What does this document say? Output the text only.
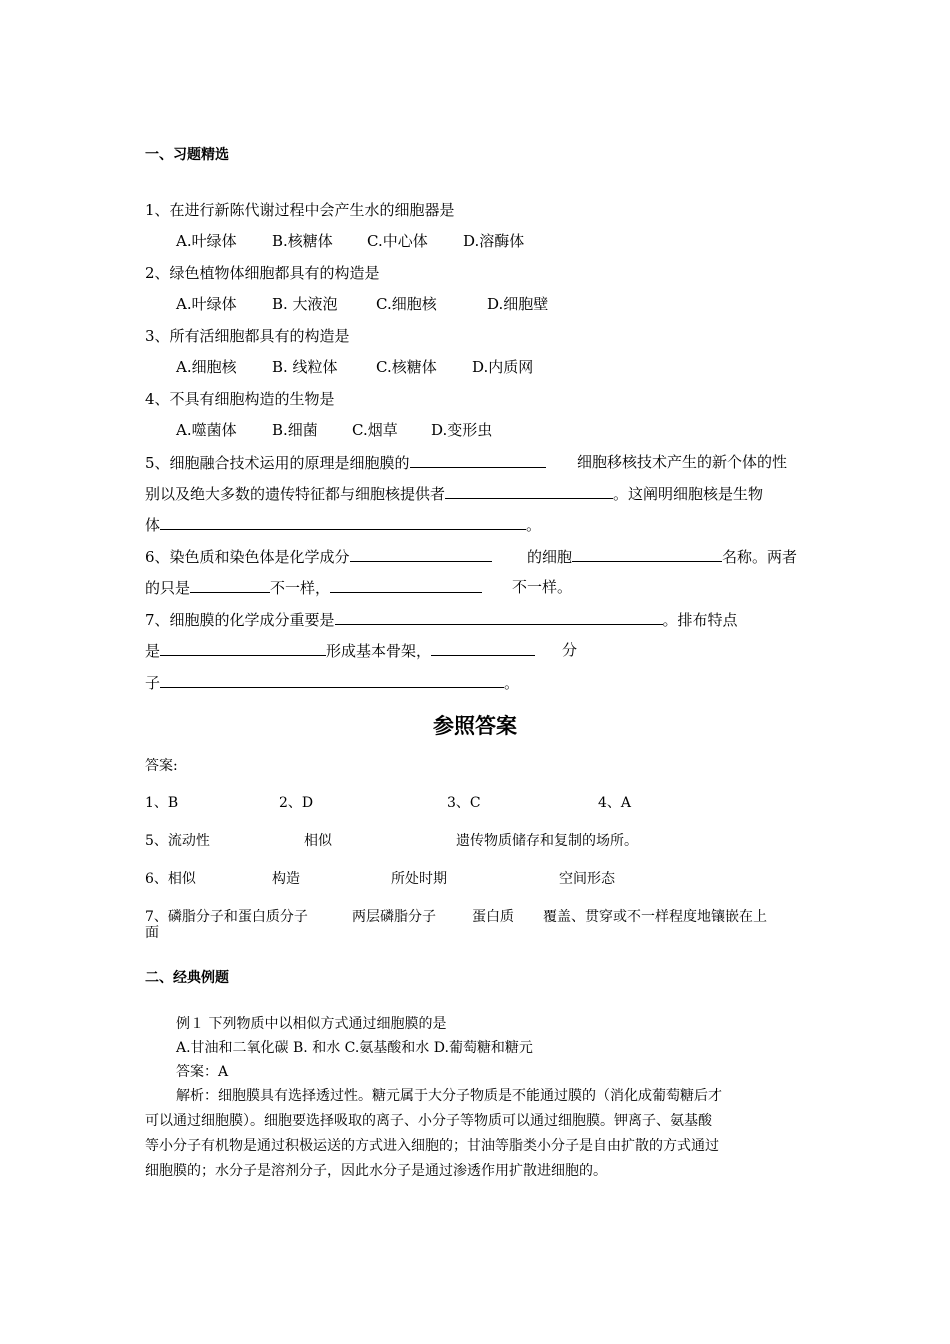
一、习题精选
1、在进行新陈代谢过程中会产生水的细胞器是
A.叶绿体 B.核糖体 C.中心体 D.溶酶体
2、绿色植物体细胞都具有的构造是
A.叶绿体 B. 大液泡	C.细胞核	D.细胞壁
3、所有活细胞都具有的构造是
A.细胞核 B. 线粒体	C.核糖体 D.内质网
4、不具有细胞构造的生物是
A.噬菌体 B.细菌 C.烟草 D.变形虫
5、细胞融合技术运用的原理是细胞膜的	细胞移核技术产生的新个体的性
别以及绝大多数的遗传特征都与细胞核提供者	。这阐明细胞核是生物
体	。
6、染色质和染色体是化学成分	的细胞	名称。两者
的只是	不一样，	不一样。
7、细胞膜的化学成分重要是	。排布特点
是	形成基本骨架，	分
子	。
参照答案
答案:
1、B	2、D	3、C	4、A
5、流动性	相似	遗传物质储存和复制的场所。
6、相似	构造	所处时期	空间形态
7、磷脂分子和蛋白质分子	两层磷脂分子	蛋白质 覆盖、贯穿或不一样程度地镶嵌在上
面
二、经典例题
例１ 下列物质中以相似方式通过细胞膜的是
A.甘油和二氧化碳 B. 和水 C.氨基酸和水 D.葡萄糖和糖元
答案：A
解析：细胞膜具有选择透过性。糖元属于大分子物质是不能通过膜的（消化成葡萄糖后才
可以通过细胞膜）。细胞要选择吸取的离子、小分子等物质可以通过细胞膜。钾离子、氨基酸
等小分子有机物是通过积极运送的方式进入细胞的；甘油等脂类小分子是自由扩散的方式通过
细胞膜的；水分子是溶剂分子，因此水分子是通过渗透作用扩散进细胞的。
